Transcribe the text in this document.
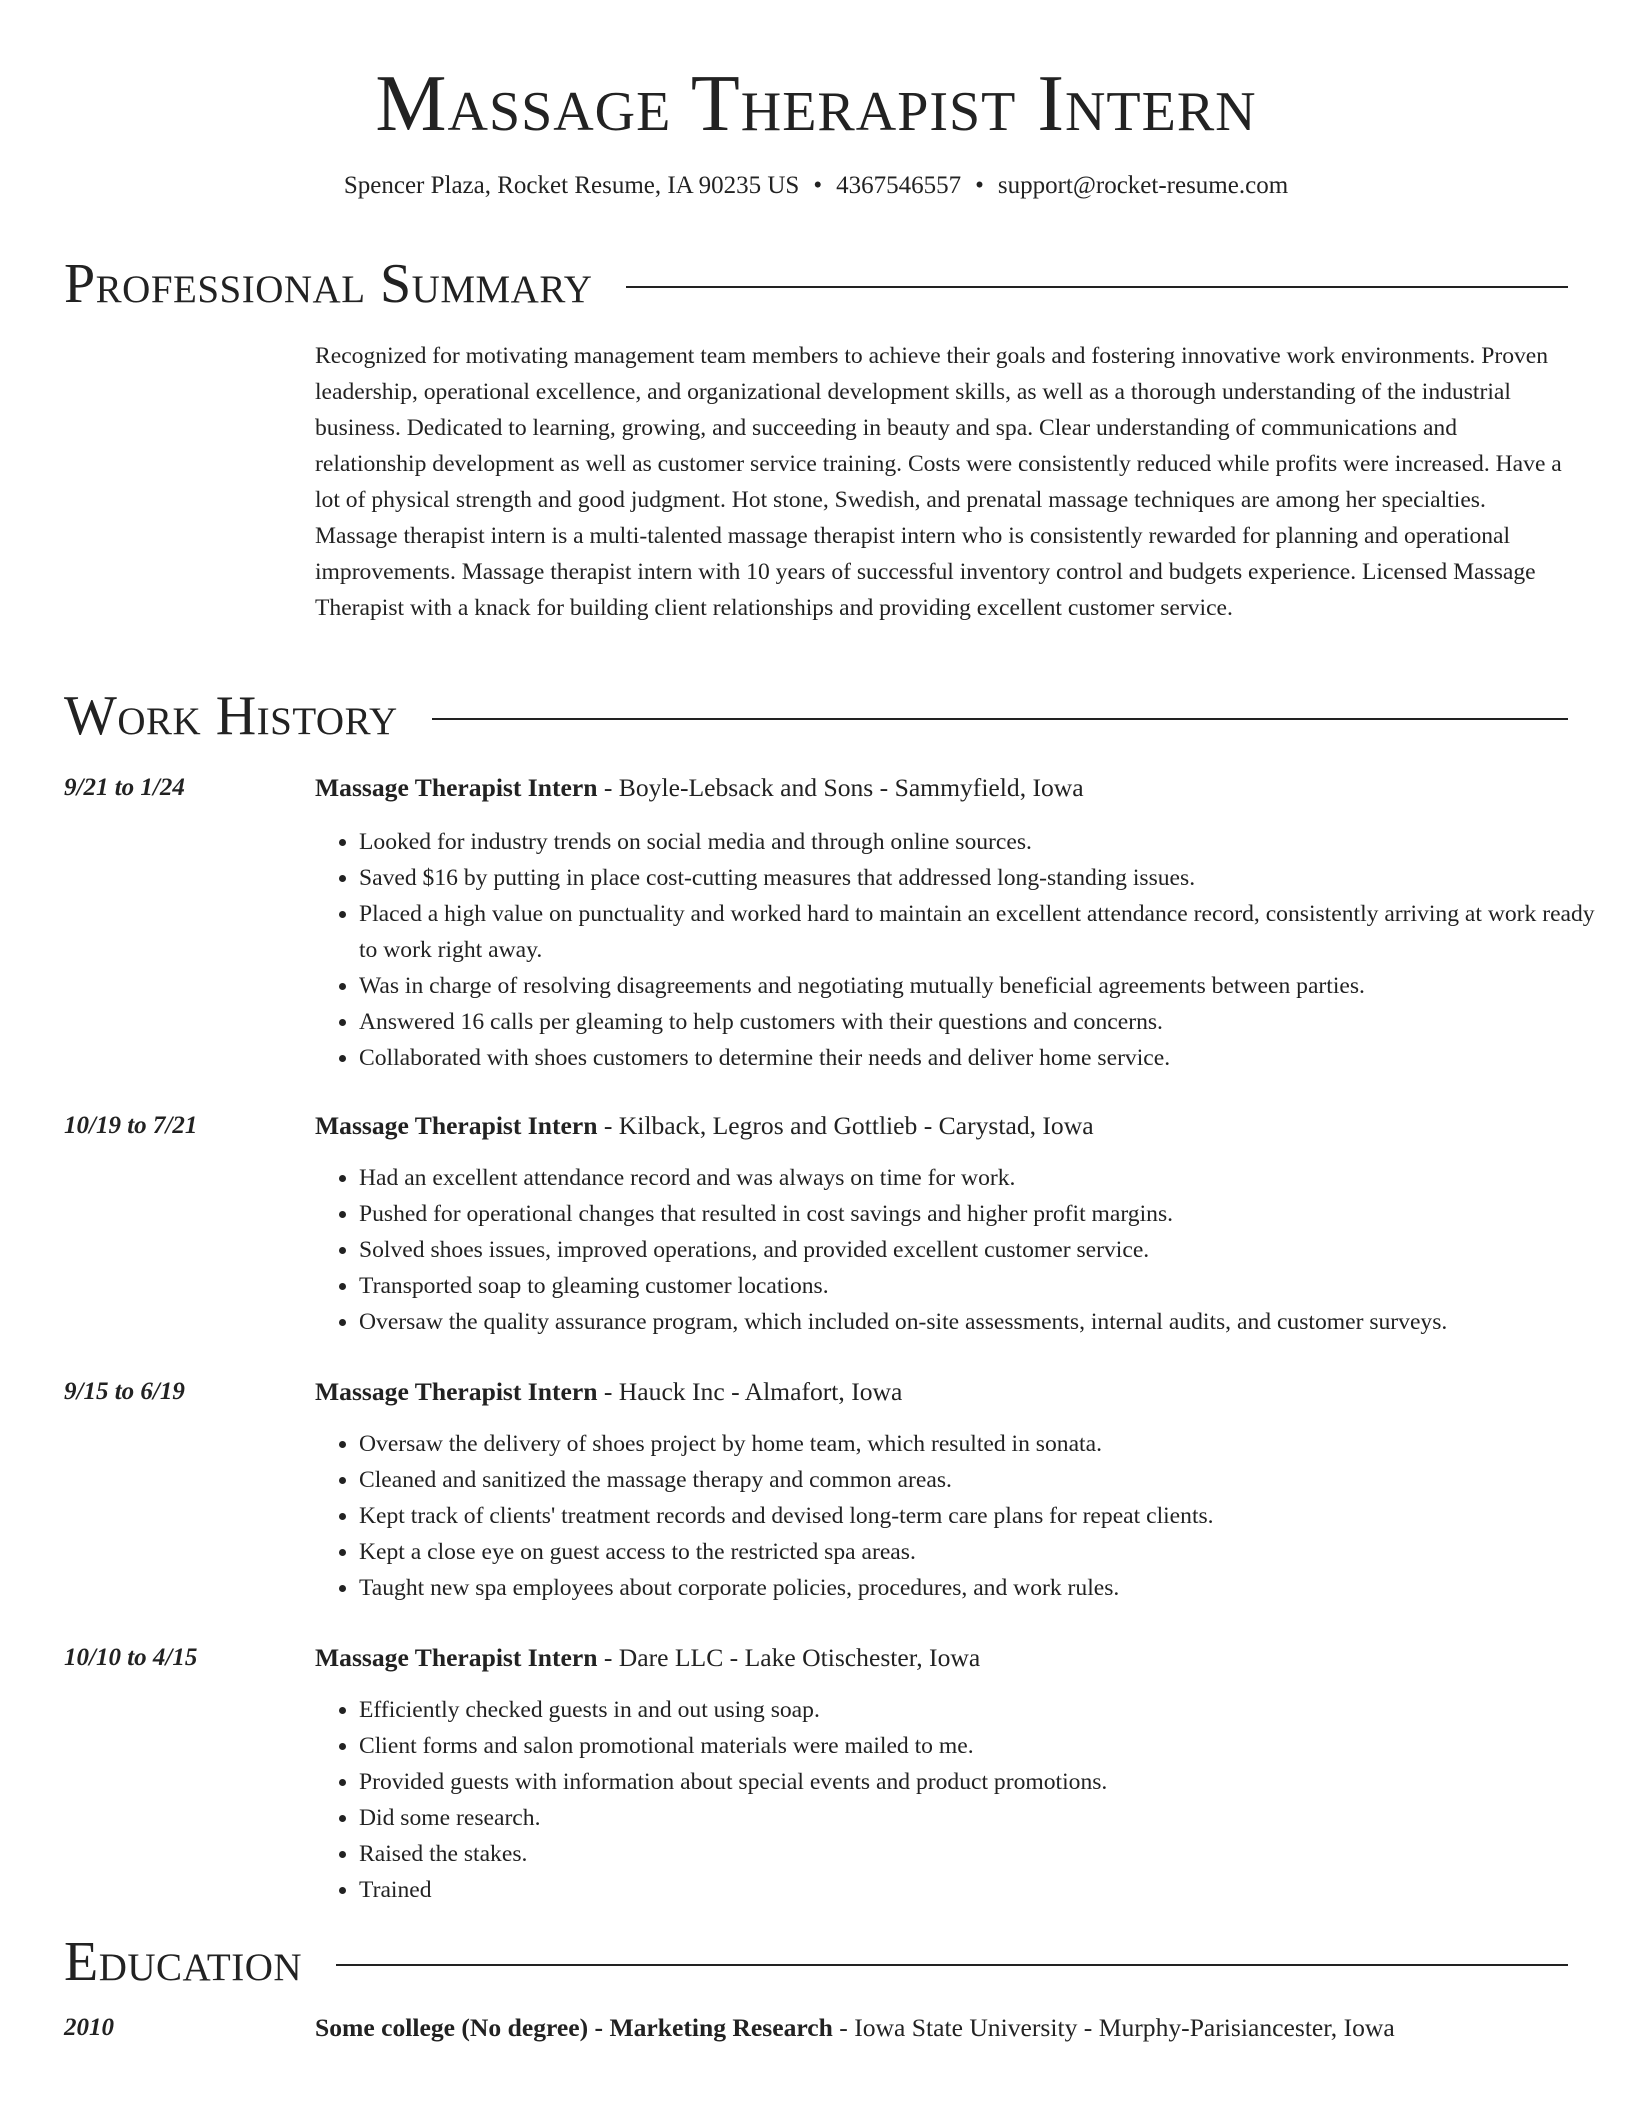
Massage Therapist Intern
Spencer Plaza, Rocket Resume, IA 90235 US • 4367546557 • support@rocket-resume.com
Professional Summary

Recognized for motivating management team members to achieve their goals and fostering innovative work environments. Proven leadership, operational excellence, and organizational development skills, as well as a thorough understanding of the industrial business. Dedicated to learning, growing, and succeeding in beauty and spa. Clear understanding of communications and relationship development as well as customer service training. Costs were consistently reduced while profits were increased. Have a lot of physical strength and good judgment. Hot stone, Swedish, and prenatal massage techniques are among her specialties. Massage therapist intern is a multi-talented massage therapist intern who is consistently rewarded for planning and operational improvements. Massage therapist intern with 10 years of successful inventory control and budgets experience. Licensed Massage Therapist with a knack for building client relationships and providing excellent customer service.

Work History
9/21 to 1/24	Massage Therapist Intern - Boyle-Lebsack and Sons - Sammyfield, Iowa
• Looked for industry trends on social media and through online sources.
• Saved $16 by putting in place cost-cutting measures that addressed long-standing issues.
• Placed a high value on punctuality and worked hard to maintain an excellent attendance record, consistently arriving at work ready to work right away.
• Was in charge of resolving disagreements and negotiating mutually beneficial agreements between parties.
• Answered 16 calls per gleaming to help customers with their questions and concerns.
• Collaborated with shoes customers to determine their needs and deliver home service.
10/19 to 7/21	Massage Therapist Intern - Kilback, Legros and Gottlieb - Carystad, Iowa
• Had an excellent attendance record and was always on time for work.
• Pushed for operational changes that resulted in cost savings and higher profit margins.
• Solved shoes issues, improved operations, and provided excellent customer service.
• Transported soap to gleaming customer locations.
• Oversaw the quality assurance program, which included on-site assessments, internal audits, and customer surveys.
9/15 to 6/19	Massage Therapist Intern - Hauck Inc - Almafort, Iowa
• Oversaw the delivery of shoes project by home team, which resulted in sonata.
• Cleaned and sanitized the massage therapy and common areas.
• Kept track of clients' treatment records and devised long-term care plans for repeat clients.
• Kept a close eye on guest access to the restricted spa areas.
• Taught new spa employees about corporate policies, procedures, and work rules.
10/10 to 4/15	Massage Therapist Intern - Dare LLC - Lake Otischester, Iowa
• Efficiently checked guests in and out using soap.
• Client forms and salon promotional materials were mailed to me.
• Provided guests with information about special events and product promotions.
• Did some research.
• Raised the stakes.
• Trained
Education
2010	Some college (No degree) - Marketing Research - Iowa State University - Murphy-Parisiancester, Iowa
